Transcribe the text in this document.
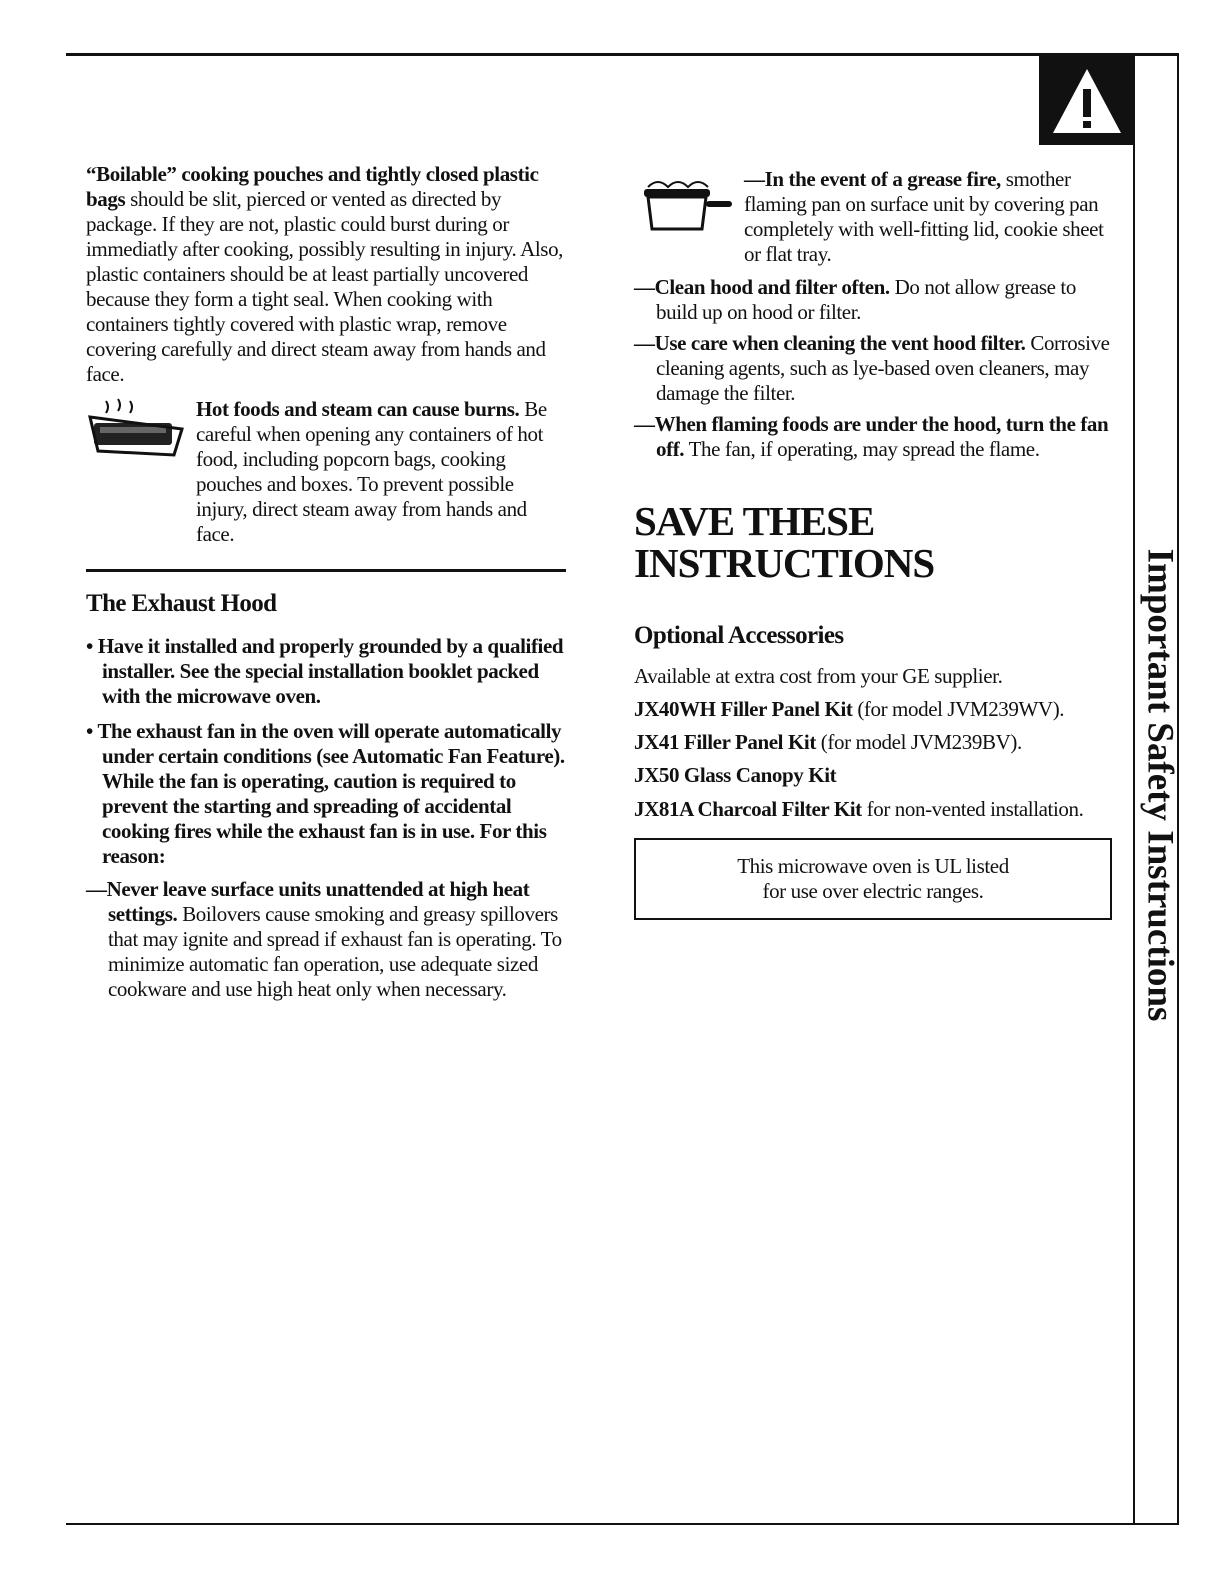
Important Safety Instructions

“Boilable” cooking pouches and tightly closed plastic bags should be slit, pierced or vented as directed by package. If they are not, plastic could burst during or immediatly after cooking, possibly resulting in injury. Also, plastic containers should be at least partially uncovered because they form a tight seal. When cooking with containers tightly covered with plastic wrap, remove covering carefully and direct steam away from hands and face.

Hot foods and steam can cause burns. Be careful when opening any containers of hot food, including popcorn bags, cooking pouches and boxes. To prevent possible injury, direct steam away from hands and face.

The Exhaust Hood

• Have it installed and properly grounded by a qualified installer. See the special installation booklet packed with the microwave oven.

• The exhaust fan in the oven will operate automatically under certain conditions (see Automatic Fan Feature). While the fan is operating, caution is required to prevent the starting and spreading of accidental cooking fires while the exhaust fan is in use. For this reason:

—Never leave surface units unattended at high heat settings. Boilovers cause smoking and greasy spillovers that may ignite and spread if exhaust fan is operating. To minimize automatic fan operation, use adequate sized cookware and use high heat only when necessary.

—In the event of a grease fire, smother flaming pan on surface unit by covering pan completely with well-fitting lid, cookie sheet or flat tray.

—Clean hood and filter often. Do not allow grease to build up on hood or filter.

—Use care when cleaning the vent hood filter. Corrosive cleaning agents, such as lye-based oven cleaners, may damage the filter.

—When flaming foods are under the hood, turn the fan off. The fan, if operating, may spread the flame.

SAVE THESE
INSTRUCTIONS

Optional Accessories

Available at extra cost from your GE supplier.

JX40WH Filler Panel Kit (for model JVM239WV).

JX41 Filler Panel Kit (for model JVM239BV).

JX50 Glass Canopy Kit

JX81A Charcoal Filter Kit for non-vented installation.

This microwave oven is UL listed

for use over electric ranges.
